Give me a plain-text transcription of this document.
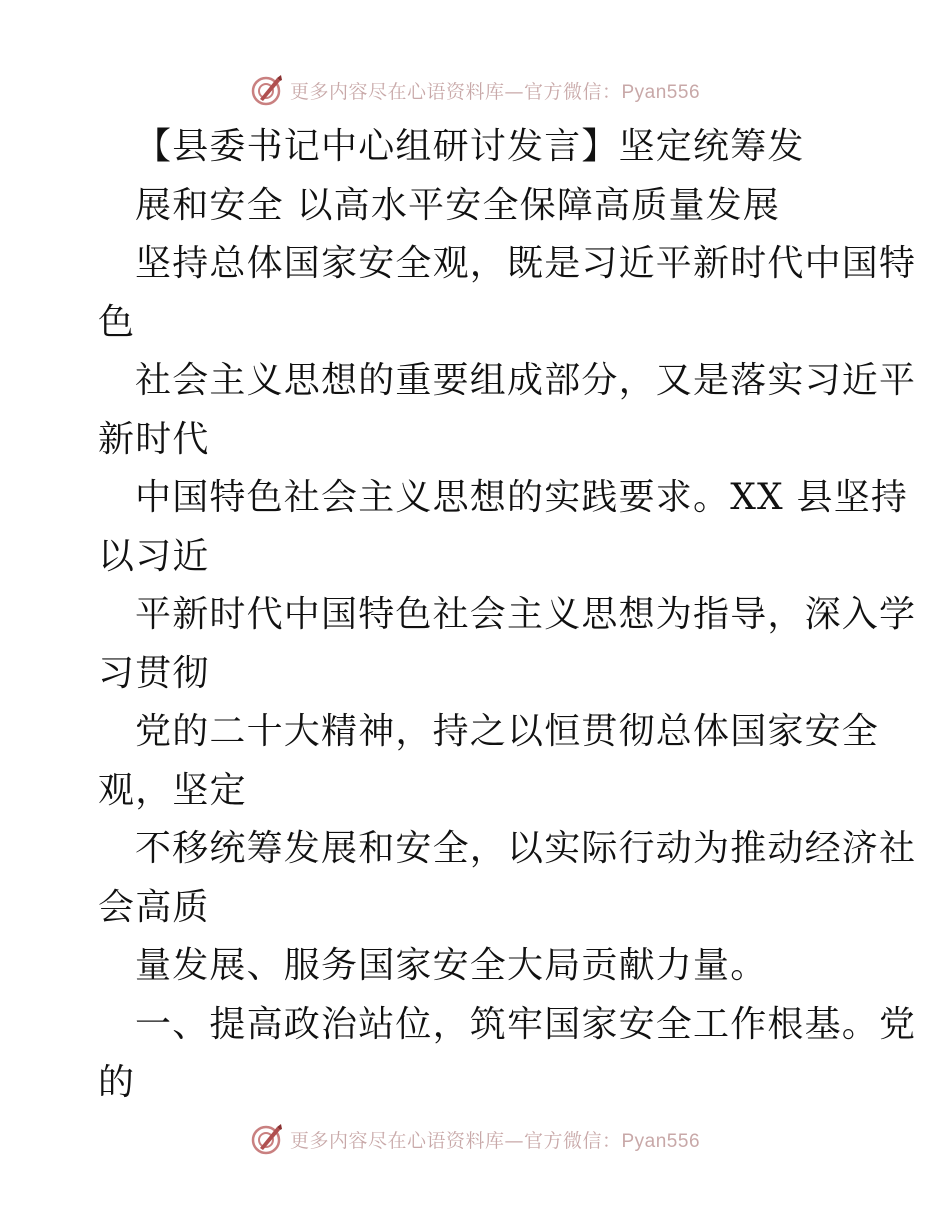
更多内容尽在心语资料库—官方微信：Pyan556
【县委书记中心组研讨发言】坚定统筹发
展和安全 以高水平安全保障高质量发展
坚持总体国家安全观，既是习近平新时代中国特
色
社会主义思想的重要组成部分，又是落实习近平
新时代
中国特色社会主义思想的实践要求。XX 县坚持
以习近
平新时代中国特色社会主义思想为指导，深入学
习贯彻
党的二十大精神，持之以恒贯彻总体国家安全
观，坚定
不移统筹发展和安全，以实际行动为推动经济社
会高质
量发展、服务国家安全大局贡献力量。
一、提高政治站位，筑牢国家安全工作根基。党
的
更多内容尽在心语资料库—官方微信：Pyan556
